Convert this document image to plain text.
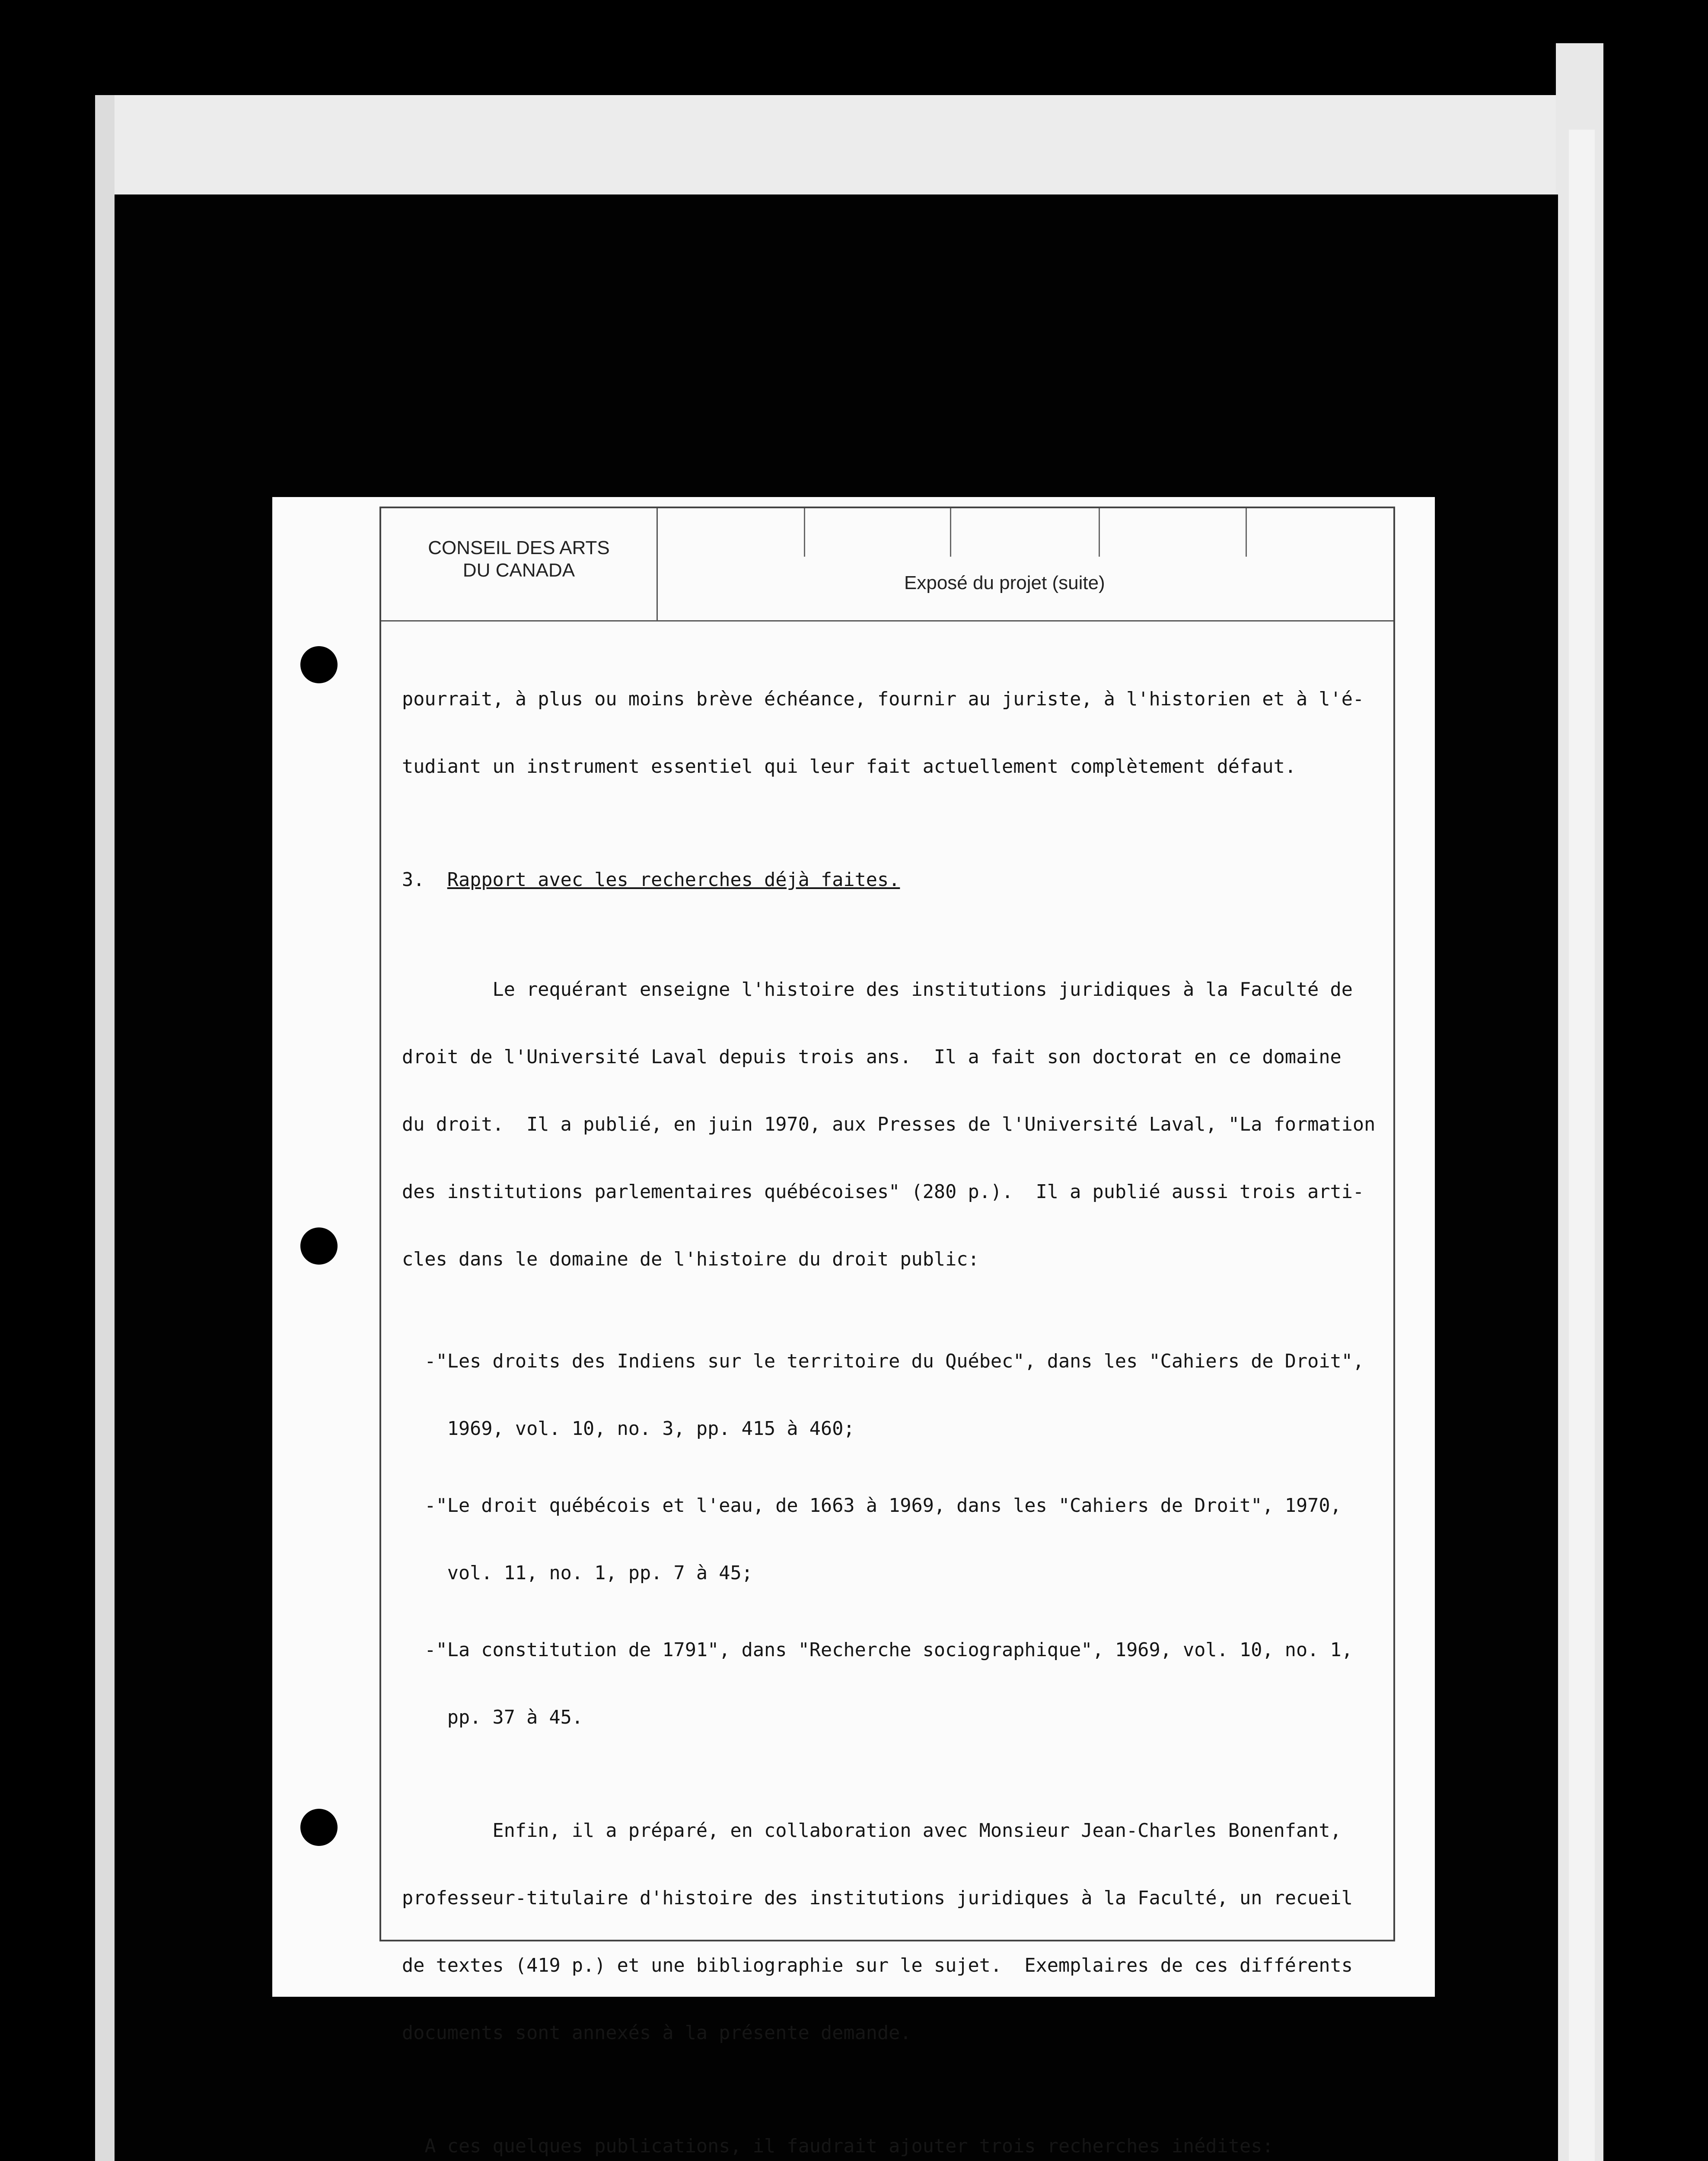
CONSEIL DES ARTS
DU CANADA
Exposé du projet (suite)

pourrait, à plus ou moins brève échéance, fournir au juriste, à l'historien et à l'é-

tudiant un instrument essentiel qui leur fait actuellement complètement défaut.

3. Rapport avec les recherches déjà faites.

Le requérant enseigne l'histoire des institutions juridiques à la Faculté de

droit de l'Université Laval depuis trois ans.  Il a fait son doctorat en ce domaine

du droit.  Il a publié, en juin 1970, aux Presses de l'Université Laval, "La formation

des institutions parlementaires québécoises" (280 p.).  Il a publié aussi trois arti-

cles dans le domaine de l'histoire du droit public:

-"Les droits des Indiens sur le territoire du Québec", dans les "Cahiers de Droit",

1969, vol. 10, no. 3, pp. 415 à 460;

-"Le droit québécois et l'eau, de 1663 à 1969, dans les "Cahiers de Droit", 1970,

vol. 11, no. 1, pp. 7 à 45;

-"La constitution de 1791", dans "Recherche sociographique", 1969, vol. 10, no. 1,

pp. 37 à 45.

Enfin, il a préparé, en collaboration avec Monsieur Jean-Charles Bonenfant,

professeur-titulaire d'histoire des institutions juridiques à la Faculté, un recueil

de textes (419 p.) et une bibliographie sur le sujet.  Exemplaires de ces différents

documents sont annexés à la présente demande.

A ces quelques publications, il faudrait ajouter trois recherches inédites:
